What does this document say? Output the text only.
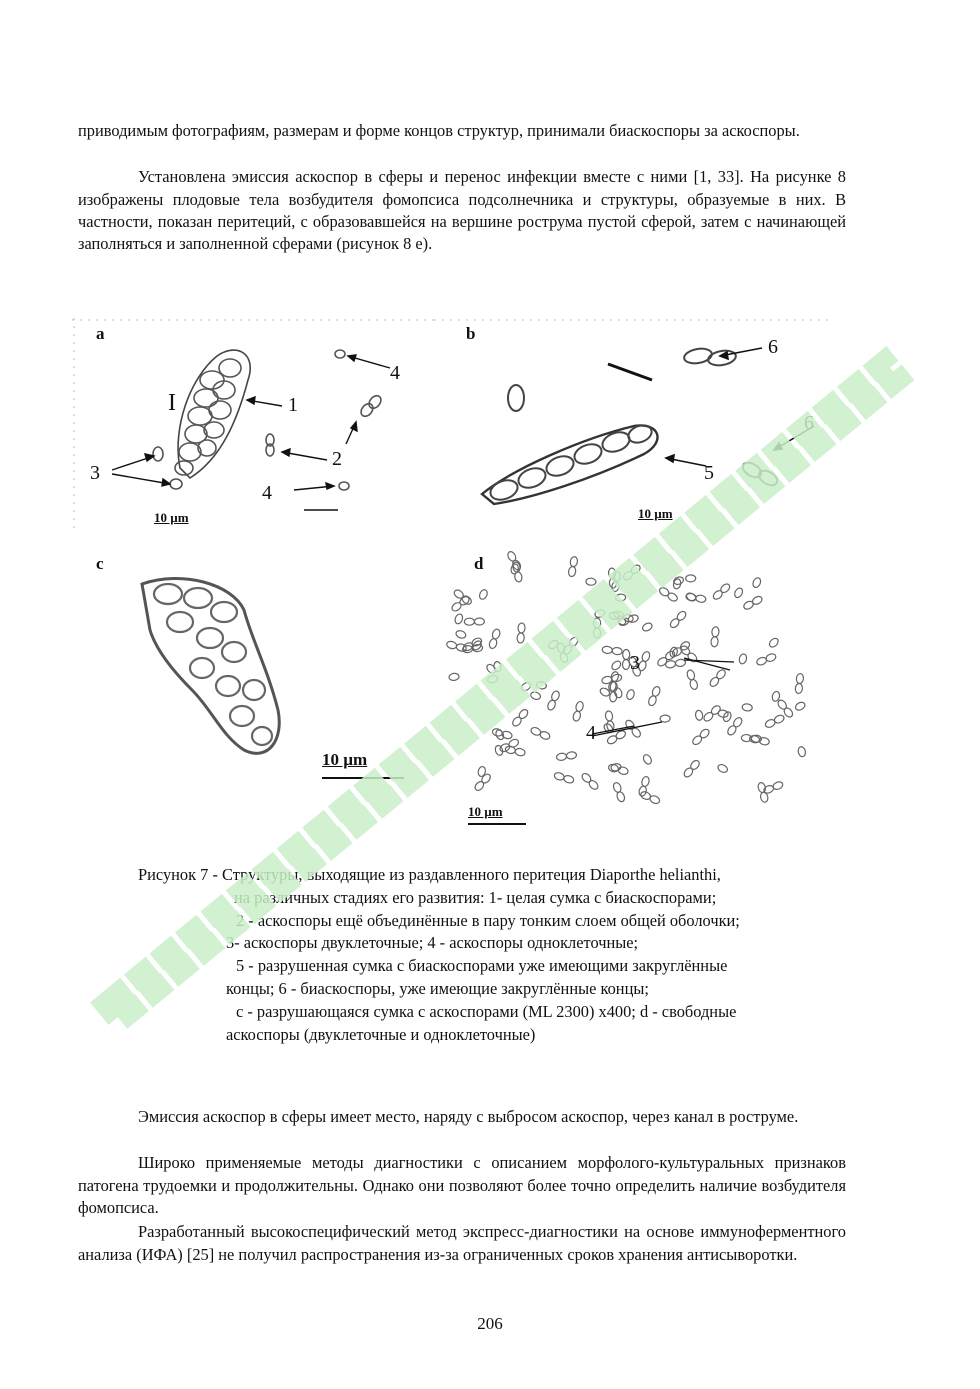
приводимым фотографиям, размерам и форме концов структур, принимали биаскоспоры за аскоспоры.

Установлена эмиссия аскоспор в сферы и перенос инфекции вместе с ними [1, 33]. На рисунке 8 изображены плодовые тела возбудителя фомопсиса подсолнечника и структуры, образуемые в них. В частности, показан перитеций, с образовавшейся на вершине рострума пустой сферой, затем с начинающей заполняться и заполненной сферами (рисунок 8 е).

a
I	1
2
3
4
4
10 µm
b
6
5
6
10 µm
c
10 µm
d
3
4
10 µm
Рисунок 7 - Структуры, выходящие из раздавленного перитеция Diaporthe helianthi,
на различных стадиях его развития: 1- целая сумка с биаскоспорами;
2 - аскоспоры ещё объединённые в пару тонким слоем общей оболочки;
3- аскоспоры двуклеточные; 4 - аскоспоры одноклеточные;
5 - разрушенная сумка с биаскоспорами уже имеющими закруглённые
концы; 6 - биаскоспоры, уже имеющие закруглённые концы;
с - разрушающаяся сумка с аскоспорами (ML 2300) x400; d - свободные
аскоспоры (двуклеточные и одноклеточные)

Эмиссия аскоспор в сферы имеет место, наряду с выбросом аскоспор, через канал в роструме.

Широко применяемые методы диагностики с описанием морфолого-культуральных признаков патогена трудоемки и продолжительны. Однако они позволяют более точно определить наличие возбудителя фомопсиса.

Разработанный высокоспецифический метод экспресс-диагностики на основе иммуноферментного анализа (ИФА) [25] не получил распространения из-за ограниченных сроков хранения антисыворотки.

206
